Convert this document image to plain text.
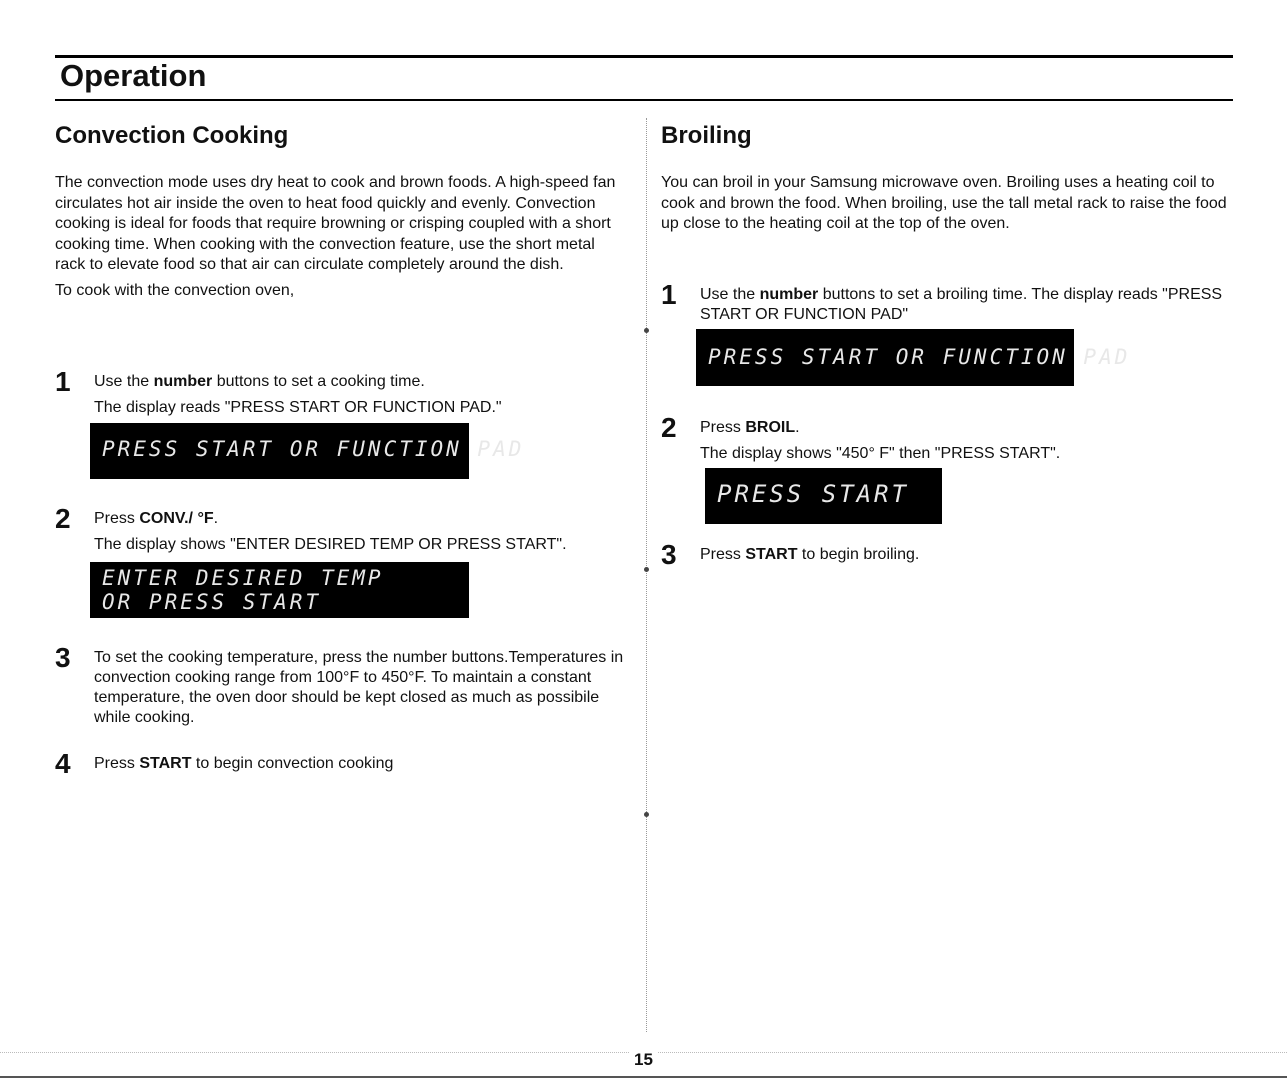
Operation
Convection Cooking

The convection mode uses dry heat to cook and brown foods. A high-speed fan circulates hot air inside the oven to heat food quickly and evenly. Convection cooking is ideal for foods that require browning or crisping coupled with a short cooking time. When cooking with the convection feature, use the short metal rack to elevate food so that air can circulate completely around the dish.

To cook with the convection oven,

1 Use the number buttons to set a cooking time.
The display reads "PRESS START OR FUNCTION PAD."
PRESS START OR FUNCTION PAD
2 Press CONV./ °F.
The display shows "ENTER DESIRED TEMP OR PRESS START".
ENTER DESIRED TEMP
OR PRESS START
3 To set the cooking temperature, press the number buttons.Temperatures in convection cooking range from 100°F to 450°F. To maintain a constant temperature, the oven door should be kept closed as much as possibile while cooking.
4 Press START to begin convection cooking
Broiling

You can broil in your Samsung microwave oven. Broiling uses a heating coil to cook and brown the food. When broiling, use the tall metal rack to raise the food up close to the heating coil at the top of the oven.

1 Use the number buttons to set a broiling time. The display reads "PRESS START OR FUNCTION PAD"
PRESS START OR FUNCTION PAD
2 Press BROIL.
The display shows "450° F" then "PRESS START".
PRESS START
3 Press START to begin broiling.
15
